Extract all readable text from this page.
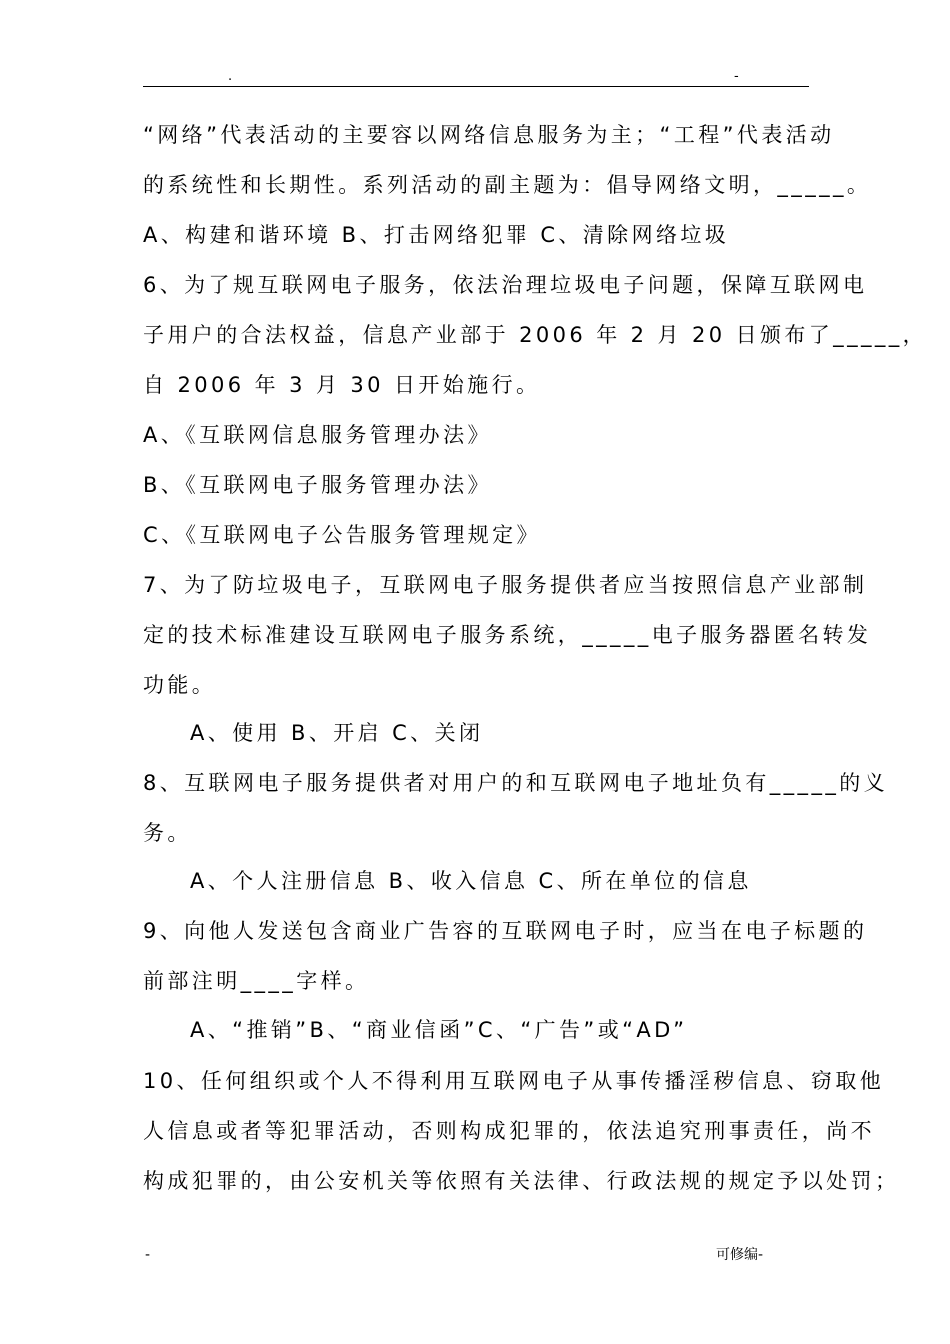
.	-
“网络”代表活动的主要容以网络信息服务为主；“工程”代表活动
的系统性和长期性。系列活动的副主题为：倡导网络文明，_____。
A、构建和谐环境 B、打击网络犯罪 C、清除网络垃圾
6、为了规互联网电子服务，依法治理垃圾电子问题，保障互联网电
子用户的合法权益，信息产业部于 2006 年 2 月 20 日颁布了_____，
自 2006 年 3 月 30 日开始施行。
A、《互联网信息服务管理办法》
B、《互联网电子服务管理办法》
C、《互联网电子公告服务管理规定》
7、为了防垃圾电子，互联网电子服务提供者应当按照信息产业部制
定的技术标准建设互联网电子服务系统，_____电子服务器匿名转发
功能。
A、使用 B、开启 C、关闭
8、互联网电子服务提供者对用户的和互联网电子地址负有_____的义
务。
A、个人注册信息 B、收入信息 C、所在单位的信息
9、向他人发送包含商业广告容的互联网电子时，应当在电子标题的
前部注明____字样。
A、“推销”B、“商业信函”C、“广告”或“AD”
10、任何组织或个人不得利用互联网电子从事传播淫秽信息、窃取他
人信息或者等犯罪活动，否则构成犯罪的，依法追究刑事责任，尚不
构成犯罪的，由公安机关等依照有关法律、行政法规的规定予以处罚；
-	可修编-
